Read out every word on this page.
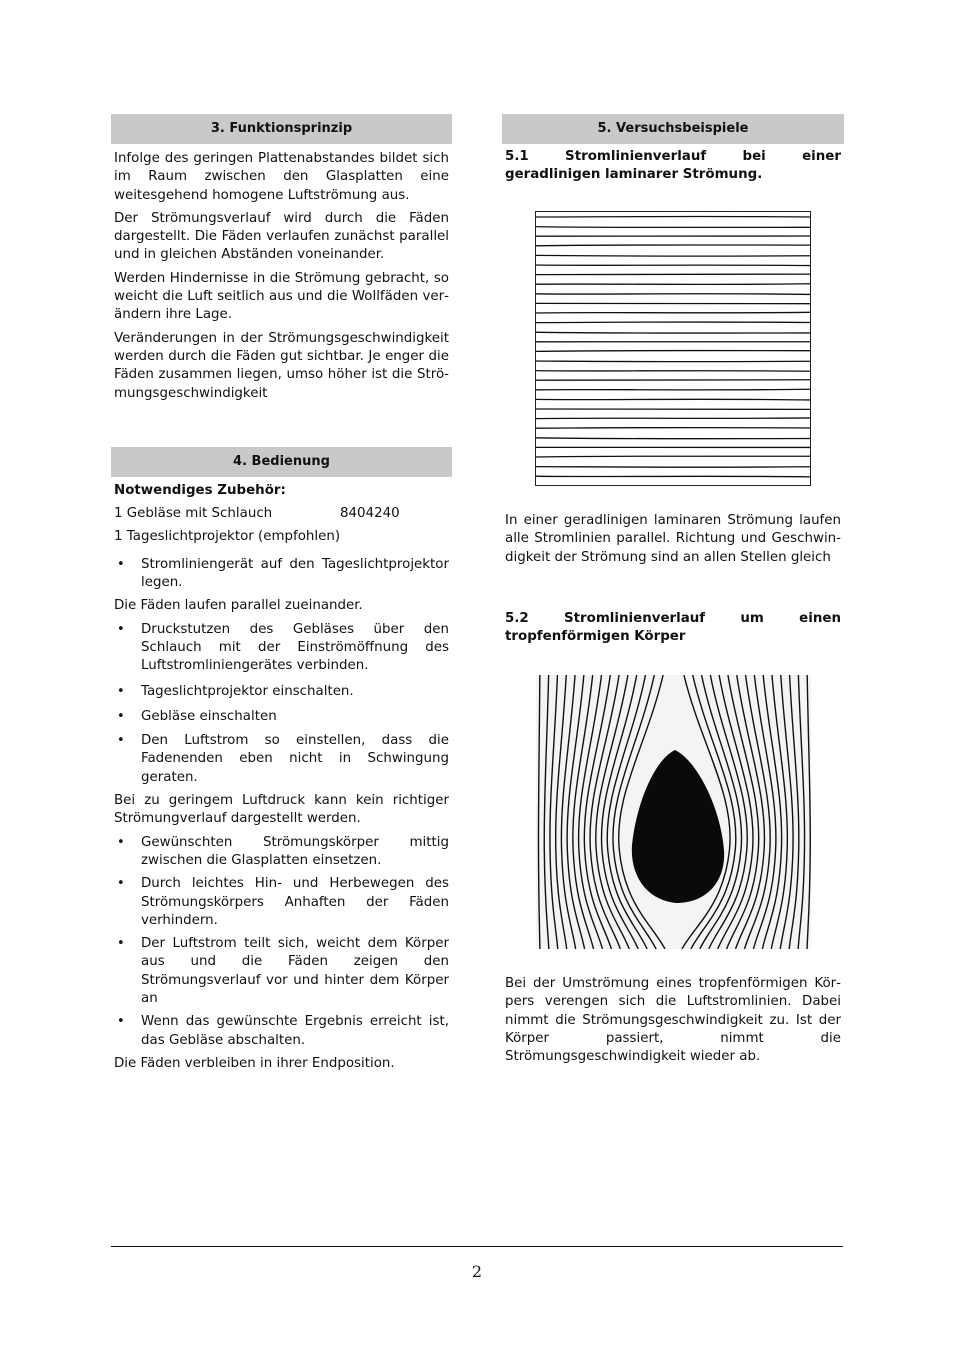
3. Funktionsprinzip

Infolge des geringen Plattenabstandes bildet sich im Raum zwischen den Glasplatten eine weitesgehend homogene Luftströmung aus.

Der Strömungsverlauf wird durch die Fäden dargestellt. Die Fäden verlaufen zunächst parallel und in gleichen Abständen voneinander.

Werden Hindernisse in die Strömung gebracht, so weicht die Luft seitlich aus und die Wollfäden verändern ihre Lage.

Veränderungen in der Strömungsgeschwindigkeit werden durch die Fäden gut sichtbar. Je enger die Fäden zusammen liegen, umso höher ist die Strömungsgeschwindigkeit

4. Bedienung

Notwendiges Zubehör:

1 Gebläse mit Schlauch	8404240

1 Tageslichtprojektor (empfohlen)

• Stromliniengerät auf den Tageslichtprojektor legen.

Die Fäden laufen parallel zueinander.

• Druckstutzen des Gebläses über den Schlauch mit der Einströmöffnung des Luftstromliniengerätes verbinden.

• Tageslichtprojektor einschalten.

• Gebläse einschalten

• Den Luftstrom so einstellen, dass die Fadenenden eben nicht in Schwingung geraten.

Bei zu geringem Luftdruck kann kein richtiger Strömungverlauf dargestellt werden.

• Gewünschten Strömungskörper mittig zwischen die Glasplatten einsetzen.

• Durch leichtes Hin- und Herbewegen des Strömungskörpers Anhaften der Fäden verhindern.

• Der Luftstrom teilt sich, weicht dem Körper aus und die Fäden zeigen den Strömungsverlauf vor und hinter dem Körper an

• Wenn das gewünschte Ergebnis erreicht ist, das Gebläse abschalten.

Die Fäden verbleiben in ihrer Endposition.

5. Versuchsbeispiele

5.1 Stromlinienverlauf bei einer geradlinigen laminarer Strömung.

In einer geradlinigen laminaren Strömung laufen alle Stromlinien parallel. Richtung und Geschwindigkeit der Strömung sind an allen Stellen gleich

5.2 Stromlinienverlauf um einen tropfenförmigen Körper

Bei der Umströmung eines tropfenförmigen Körpers verengen sich die Luftstromlinien. Dabei nimmt die Strömungsgeschwindigkeit zu. Ist der Körper passiert, nimmt die Strömungsgeschwindigkeit wieder ab.

2
